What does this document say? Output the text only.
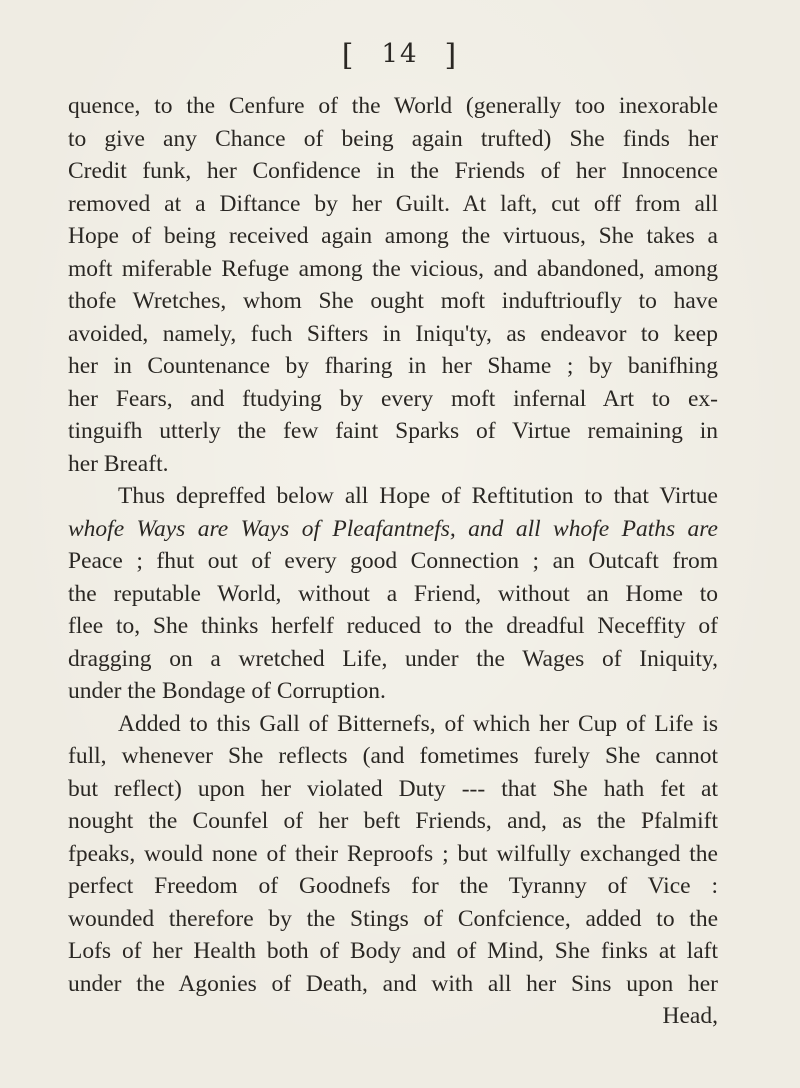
[ 14 ]
quence, to the Cenfure of the World (generally too inexorable
to give any Chance of being again trufted) She finds her
Credit funk, her Confidence in the Friends of her Innocence
removed at a Diftance by her Guilt. At laft, cut off from all
Hope of being received again among the virtuous, She takes a
moft miferable Refuge among the vicious, and abandoned, among
thofe Wretches, whom She ought moft induftrioufly to have
avoided, namely, fuch Sifters in Iniqu'ty, as endeavor to keep
her in Countenance by fharing in her Shame ; by banifhing
her Fears, and ftudying by every moft infernal Art to ex-
tinguifh utterly the few faint Sparks of Virtue remaining in
her Breaft.
Thus depreffed below all Hope of Reftitution to that Virtue
whofe Ways are Ways of Pleafantnefs, and all whofe Paths are
Peace ; fhut out of every good Connection ; an Outcaft from
the reputable World, without a Friend, without an Home to
flee to, She thinks herfelf reduced to the dreadful Neceffity of
dragging on a wretched Life, under the Wages of Iniquity,
under the Bondage of Corruption.
Added to this Gall of Bitternefs, of which her Cup of Life is
full, whenever She reflects (and fometimes furely She cannot
but reflect) upon her violated Duty --- that She hath fet at
nought the Counfel of her beft Friends, and, as the Pfalmift
fpeaks, would none of their Reproofs ; but wilfully exchanged the
perfect Freedom of Goodnefs for the Tyranny of Vice :
wounded therefore by the Stings of Confcience, added to the
Lofs of her Health both of Body and of Mind, She finks at laft
under the Agonies of Death, and with all her Sins upon her
Head,
